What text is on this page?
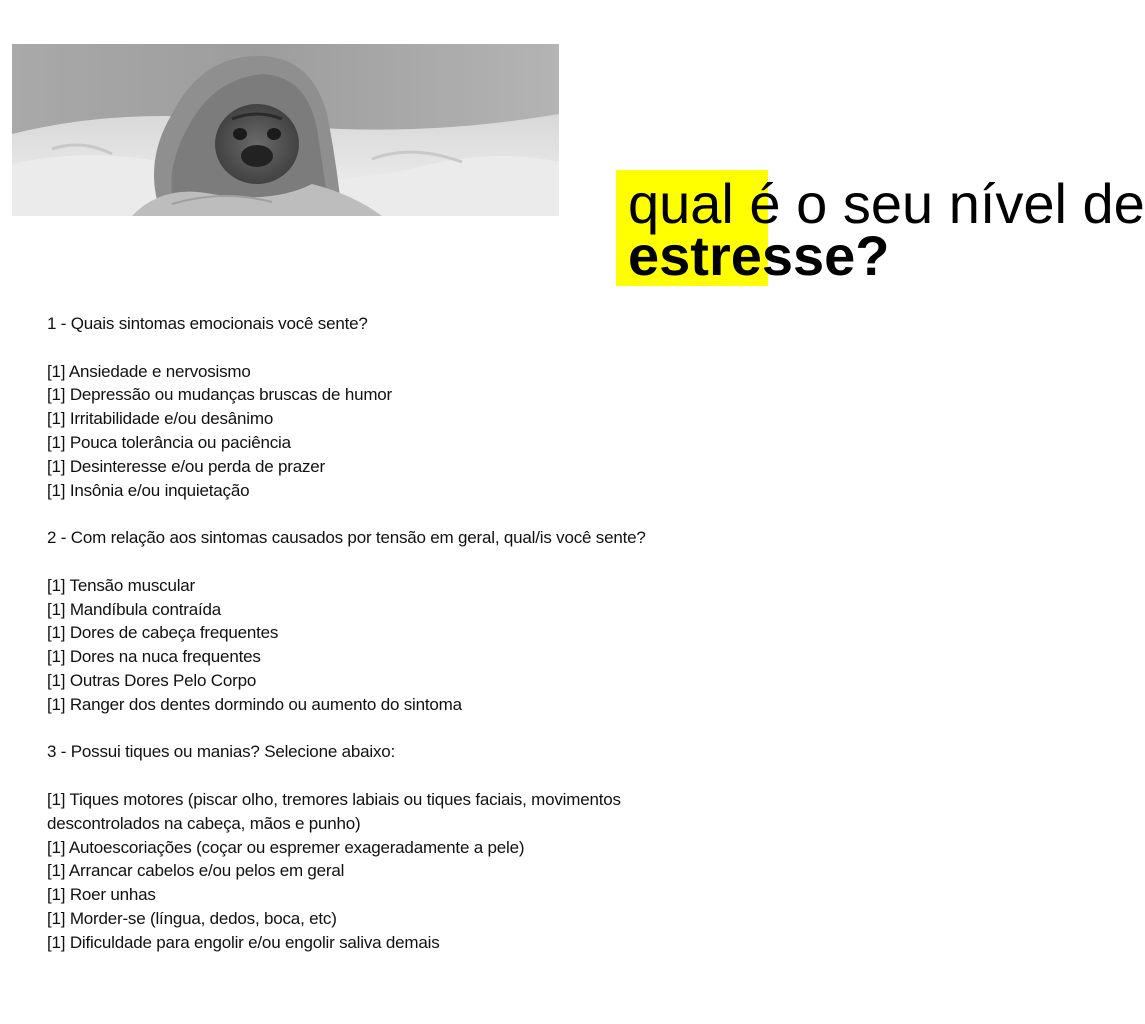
qual é o seu nível de
estresse?

1 - Quais sintomas emocionais você sente?

[1] Ansiedade e nervosismo

[1] Depressão ou mudanças bruscas de humor

[1] Irritabilidade e/ou desânimo

[1] Pouca tolerância ou paciência

[1] Desinteresse e/ou perda de prazer

[1] Insônia e/ou inquietação

2 - Com relação aos sintomas causados por tensão em geral, qual/is você sente?

[1] Tensão muscular

[1] Mandíbula contraída

[1] Dores de cabeça frequentes

[1] Dores na nuca frequentes

[1] Outras Dores Pelo Corpo

[1] Ranger dos dentes dormindo ou aumento do sintoma

3 - Possui tiques ou manias? Selecione abaixo:

[1] Tiques motores (piscar olho, tremores labiais ou tiques faciais, movimentos descontrolados na cabeça, mãos e punho)

[1] Autoescoriações (coçar ou espremer exageradamente a pele)

[1] Arrancar cabelos e/ou pelos em geral

[1] Roer unhas

[1] Morder-se (língua, dedos, boca, etc)

[1] Dificuldade para engolir e/ou engolir saliva demais
